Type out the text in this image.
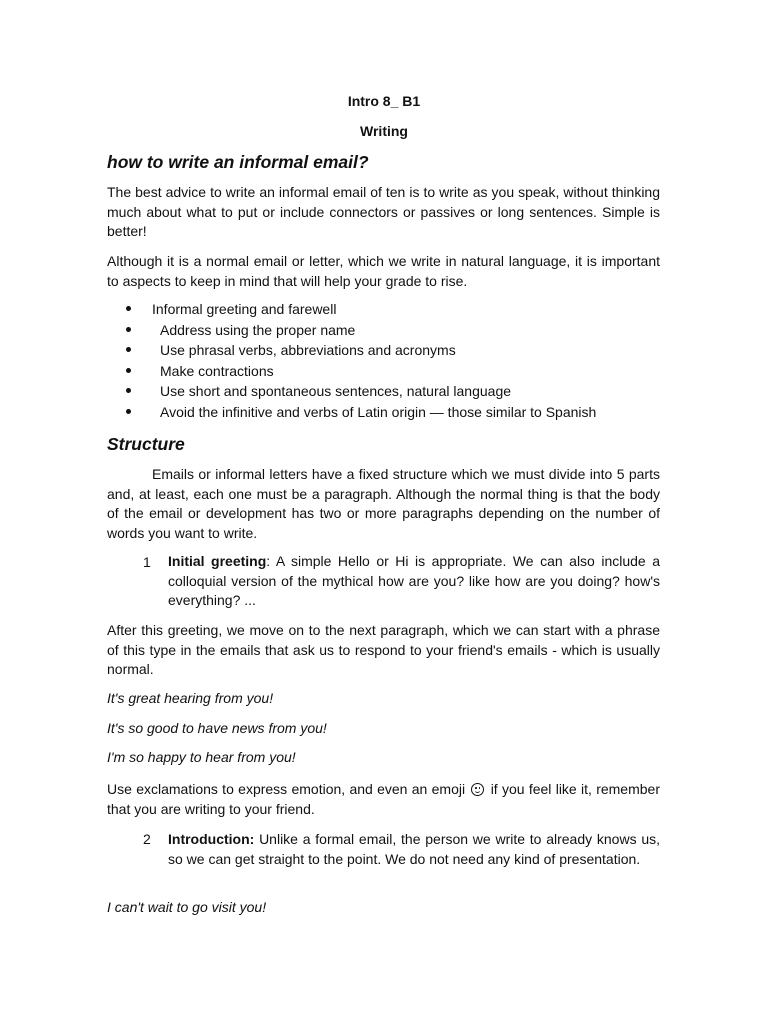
Intro 8_ B1
Writing
how to write an informal email?

The best advice to write an informal email of ten is to write as you speak, without thinking much about what to put or include connectors or passives or long sentences. Simple is better!

Although it is a normal email or letter, which we write in natural language, it is important to aspects to keep in mind that will help your grade to rise.

Informal greeting and farewell
Address using the proper name
Use phrasal verbs, abbreviations and acronyms
Make contractions
Use short and spontaneous sentences, natural language
Avoid the infinitive and verbs of Latin origin — those similar to Spanish
Structure

Emails or informal letters have a fixed structure which we must divide into 5 parts and, at least, each one must be a paragraph. Although the normal thing is that the body of the email or development has two or more paragraphs depending on the number of words you want to write.

1 Initial greeting: A simple Hello or Hi is appropriate. We can also include a colloquial version of the mythical how are you? like how are you doing? how's everything? ...

After this greeting, we move on to the next paragraph, which we can start with a phrase of this type in the emails that ask us to respond to your friend's emails - which is usually normal.

It's great hearing from you!
It's so good to have news from you!
I'm so happy to hear from you!

Use exclamations to express emotion, and even an emoji if you feel like it, remember that you are writing to your friend.

2 Introduction: Unlike a formal email, the person we write to already knows us, so we can get straight to the point. We do not need any kind of presentation.

I can't wait to go visit you!
